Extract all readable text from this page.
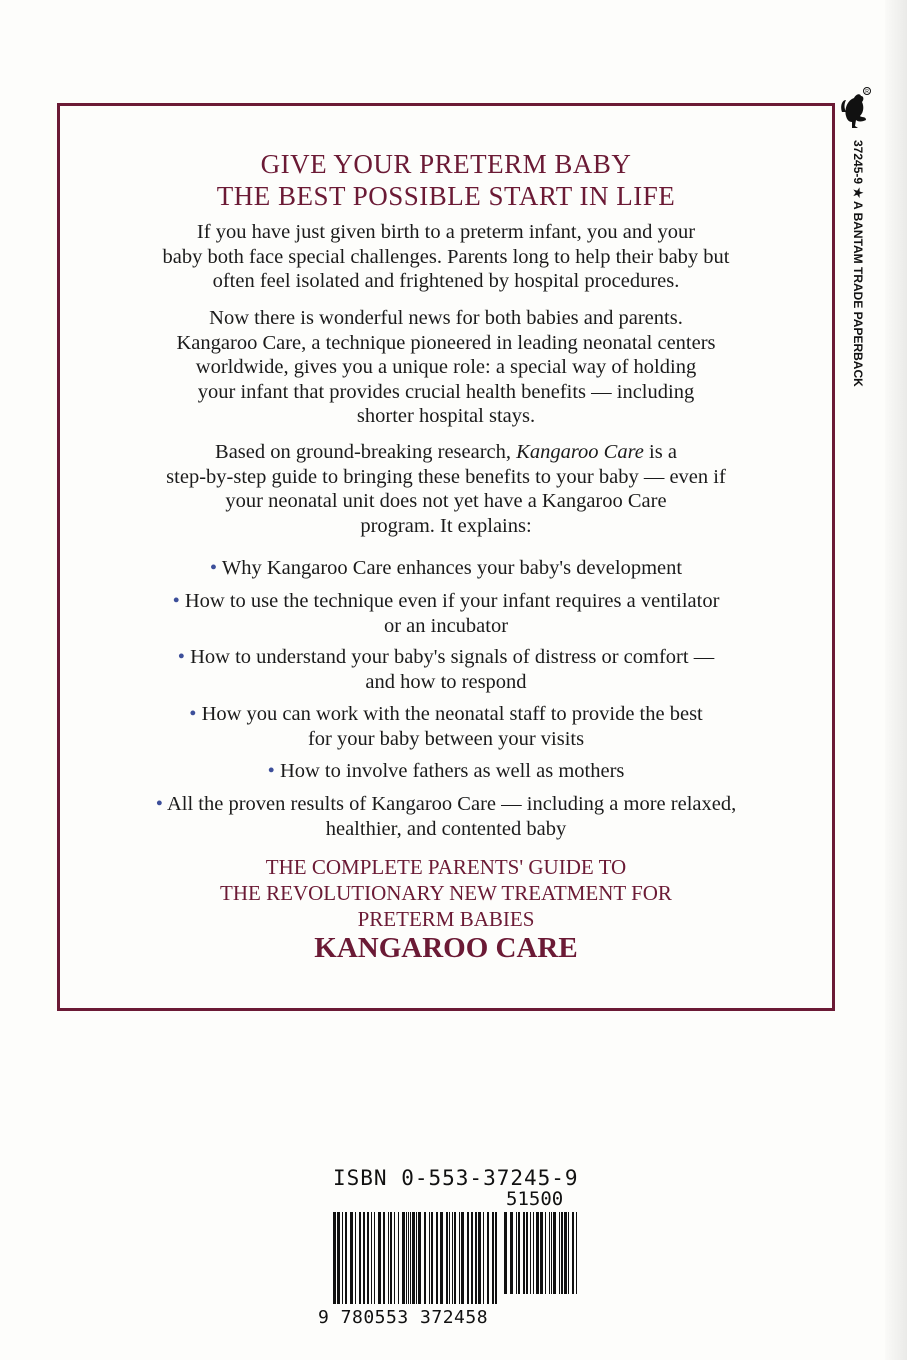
GIVE YOUR PRETERM BABY
THE BEST POSSIBLE START IN LIFE
If you have just given birth to a preterm infant, you and your
baby both face special challenges. Parents long to help their baby but
often feel isolated and frightened by hospital procedures.
Now there is wonderful news for both babies and parents.
Kangaroo Care, a technique pioneered in leading neonatal centers
worldwide, gives you a unique role: a special way of holding
your infant that provides crucial health benefits — including
shorter hospital stays.
Based on ground-breaking research, Kangaroo Care is a
step-by-step guide to bringing these benefits to your baby — even if
your neonatal unit does not yet have a Kangaroo Care
program. It explains:
• Why Kangaroo Care enhances your baby's development
• How to use the technique even if your infant requires a ventilator
or an incubator
• How to understand your baby's signals of distress or comfort —
and how to respond
• How you can work with the neonatal staff to provide the best
for your baby between your visits
• How to involve fathers as well as mothers
• All the proven results of Kangaroo Care — including a more relaxed,
healthier, and contented baby
THE COMPLETE PARENTS' GUIDE TO
THE REVOLUTIONARY NEW TREATMENT FOR
PRETERM BABIES
KANGAROO CARE
R
37245-9 ★ A BANTAM TRADE PAPERBACK
ISBN 0-553-37245-9
51500
9 780553 372458
